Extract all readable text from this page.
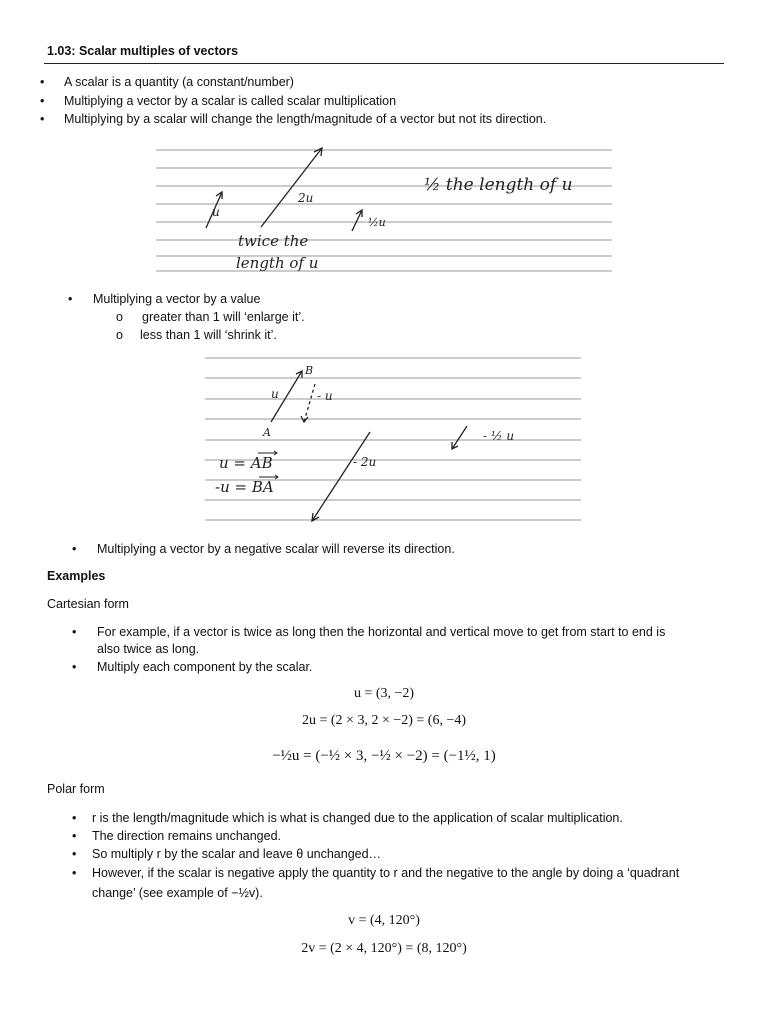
1.03: Scalar multiples of vectors
• A scalar is a quantity (a constant/number)
• Multiplying a vector by a scalar is called scalar multiplication
• Multiplying by a scalar will change the length/magnitude of a vector but not its direction.
u
2u
½u
½ the length of u
twice the
length of u
• Multiplying a vector by a value
o greater than 1 will ‘enlarge it’.
o less than 1 will ‘shrink it’.
B
A
u	- u
- ½ u
- 2u
u = AB
-u = BA
• Multiplying a vector by a negative scalar will reverse its direction.
Examples
Cartesian form
• For example, if a vector is twice as long then the horizontal and vertical move to get from start to end is
also twice as long.
• Multiply each component by the scalar.
u = (3, −2)
2u = (2 × 3, 2 × −2) = (6, −4)
−½u = (−½ × 3, −½ × −2) = (−1½, 1)
Polar form
• r is the length/magnitude which is what is changed due to the application of scalar multiplication.
• The direction remains unchanged.
• So multiply r by the scalar and leave θ unchanged…
• However, if the scalar is negative apply the quantity to r and the negative to the angle by doing a ‘quadrant
change’ (see example of −½v).
v = (4, 120°)
2v = (2 × 4, 120°) = (8, 120°)
